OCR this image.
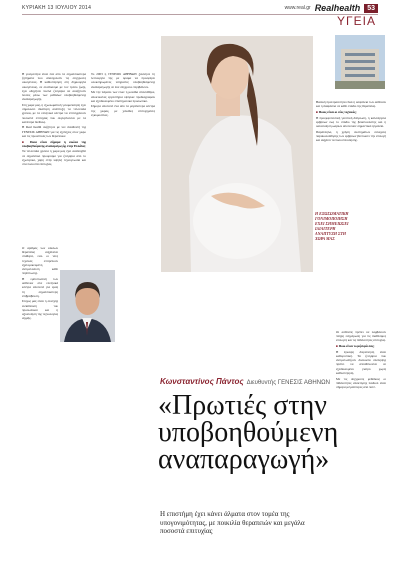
ΚΥΡΙΑΚΗ 13 ΙΟΥΛΙΟΥ 2014	www.real.gr Realhealth	53
ΥΓΕΙΑ

Η γονιμότητα είναι ένα από τα σημαντικότερα ζητήματα που απασχολούν τις σύγχρονες οικογένειες. Η καθυστέρηση στη δημιουργία οικογένειας, σε συνδυασμό με τον τρόπο ζωής, έχει οδηγήσει πολλά ζευγάρια να αναζητούν λύσεις μέσω των μεθόδων υποβοηθούμενης αναπαραγωγής.

Στη χώρα μας, η εξωσωματική γονιμοποίηση έχει σημειώσει ιδιαίτερη ανάπτυξη τα τελευταία χρόνια, με τα ελληνικά κέντρα να επιτυγχάνουν ποσοστά επιτυχίας που συγκρίνονται με τα καλύτερα διεθνώς.

Η Real health συζήτησε με τον διευθυντή της ΓΕΝΕΣΙΣ ΑΘΗΝΩΝ για τις εξελίξεις στον χώρο και τις προοπτικές των θεραπειών.

■ Ποια είναι σήμερα η εικόνα της υποβοηθούμενης αναπαραγωγής στην Ελλάδα;

Τα τελευταία χρόνια η χώρα μας έχει αναδειχθεί σε σημαντικό προορισμό για ζευγάρια από το εξωτερικό, χάρη στην υψηλή τεχνογνωσία και στα ποσοστά επιτυχίας.

Το 2003 η ΓΕΝΕΣΙΣ ΑΘΗΝΩΝ ξεκίνησε τη λειτουργία της με όραμα να προσφέρει ολοκληρωμένες υπηρεσίες υποβοηθούμενης αναπαραγωγής σε ένα σύγχρονο περιβάλλον.

Με την πάροδο των ετών η μονάδα επεκτάθηκε, αποκτώντας εργαστήρια υψηλών προδιαγραφών και εξειδικευμένο επιστημονικό προσωπικό.

Σήμερα αποτελεί ένα από τα μεγαλύτερα κέντρα της χώρας, με χιλιάδες επιτυχημένες εγκυμοσύνες.

Ο αριθμός των κύκλων θεραπείας αυξάνεται σταθερά, ενώ οι νέες τεχνικές επιτρέπουν εξατομικευμένη αντιμετώπιση κάθε περίπτωσης.

Η εμπιστοσύνη των ασθενών στα ελληνικά κέντρα αποτελεί για εμάς τη σημαντικότερη επιβράβευση.

Στόχος μας είναι η συνεχής εκπαίδευση του προσωπικού και η αξιοποίηση της τεχνολογίας αιχμής.

Βασική προτεραιότητα είναι η ασφάλεια των ασθενών και η διαφάνεια σε κάθε στάδιο της θεραπείας.

■ Ποιες είναι οι νέες τεχνικές;

Η προεμφυτευτική γενετική διάγνωση, η καλλιέργεια εμβρύων έως το στάδιο της βλαστοκύστης και η υαλοποίηση ωαρίων αποτελούν σημαντικά εργαλεία.

Παράλληλα, η χρήση συστημάτων συνεχούς παρακολούθησης των εμβρύων βελτιώνει την επιλογή και αυξάνει τα ποσοστά κύησης.

Οι ασθενείς πρέπει να λαμβάνουν πλήρη ενημέρωση για τις διαθέσιμες επιλογές και τις πιθανότητες επιτυχίας.

■ Ποιο είναι το μήνυμά σας;

Η έγκαιρη διερεύνηση είναι καθοριστική. Τα ζευγάρια που αντιμετωπίζουν δυσκολία σύλληψης πρέπει να απευθύνονται σε εξειδικευμένο γιατρό χωρίς καθυστέρηση.

Με τις σύγχρονες μεθόδους οι πιθανότητες απόκτησης παιδιού είναι σήμερα μεγαλύτερες από ποτέ.

Η ΕΞΩΣΩΜΑΤΙΚΗ ΓΟΝΙΜΟΠΟΙΗΣΗ ΕΧΕΙ ΣΗΜΕΙΩΣΕΙ ΙΔΙΑΙΤΕΡΗ ΑΝΑΠΤΥΞΗ ΣΤΗ ΧΩΡΑ ΜΑΣ
Κωνσταντίνος Πάντος Διευθυντής ΓΕΝΕΣΙΣ ΑΘΗΝΩΝ
«Πρωτιές στην υποβοηθούμενη αναπαραγωγή»
Η επιστήμη έχει κάνει άλματα στον τομέα της υπογονιμότητας, με ποικιλία θεραπειών και μεγάλα ποσοστά επιτυχίας
